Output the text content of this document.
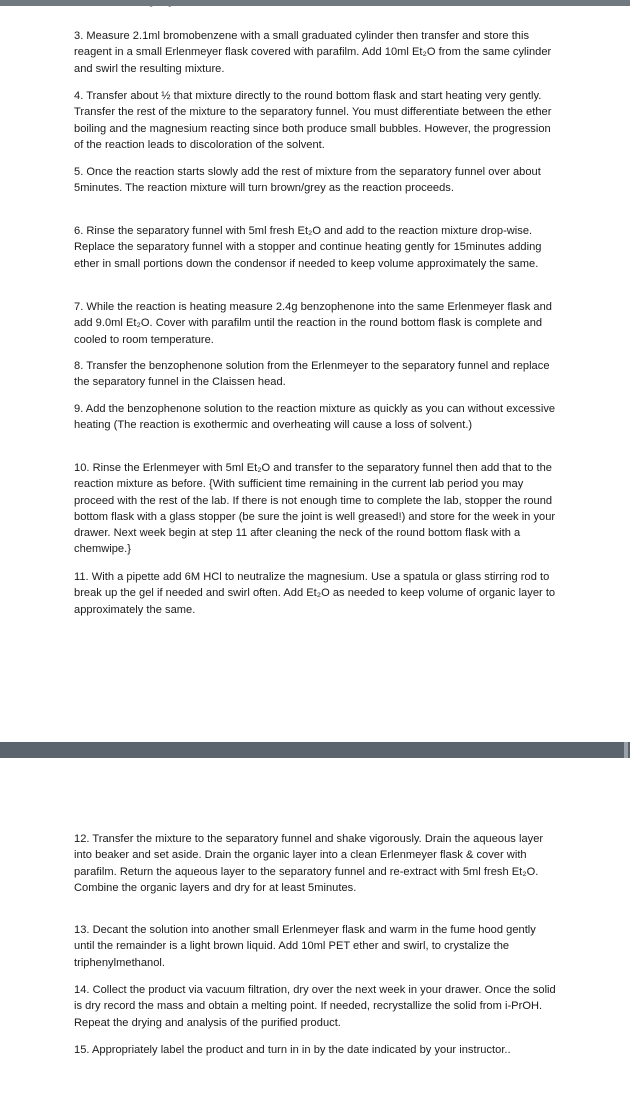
3. Measure 2.1ml bromobenzene with a small graduated cylinder then transfer and store this reagent in a small Erlenmeyer flask covered with parafilm. Add 10ml Et₂O from the same cylinder and swirl the resulting mixture.

4. Transfer about ½ that mixture directly to the round bottom flask and start heating very gently. Transfer the rest of the mixture to the separatory funnel. You must differentiate between the ether boiling and the magnesium reacting since both produce small bubbles. However, the progression of the reaction leads to discoloration of the solvent.

5. Once the reaction starts slowly add the rest of mixture from the separatory funnel over about 5minutes. The reaction mixture will turn brown/grey as the reaction proceeds.

6. Rinse the separatory funnel with 5ml fresh Et₂O and add to the reaction mixture drop-wise. Replace the separatory funnel with a stopper and continue heating gently for 15minutes adding ether in small portions down the condensor if needed to keep volume approximately the same.

7. While the reaction is heating measure 2.4g benzophenone into the same Erlenmeyer flask and add 9.0ml Et₂O. Cover with parafilm until the reaction in the round bottom flask is complete and cooled to room temperature.

8. Transfer the benzophenone solution from the Erlenmeyer to the separatory funnel and replace the separatory funnel in the Claissen head.

9. Add the benzophenone solution to the reaction mixture as quickly as you can without excessive heating (The reaction is exothermic and overheating will cause a loss of solvent.)

10. Rinse the Erlenmeyer with 5ml Et₂O and transfer to the separatory funnel then add that to the reaction mixture as before. {With sufficient time remaining in the current lab period you may proceed with the rest of the lab. If there is not enough time to complete the lab, stopper the round bottom flask with a glass stopper (be sure the joint is well greased!) and store for the week in your drawer. Next week begin at step 11 after cleaning the neck of the round bottom flask with a chemwipe.}

11. With a pipette add 6M HCl to neutralize the magnesium. Use a spatula or glass stirring rod to break up the gel if needed and swirl often. Add Et₂O as needed to keep volume of organic layer to approximately the same.

12. Transfer the mixture to the separatory funnel and shake vigorously. Drain the aqueous layer into beaker and set aside. Drain the organic layer into a clean Erlenmeyer flask & cover with parafilm. Return the aqueous layer to the separatory funnel and re-extract with 5ml fresh Et₂O. Combine the organic layers and dry for at least 5minutes.

13. Decant the solution into another small Erlenmeyer flask and warm in the fume hood gently until the remainder is a light brown liquid. Add 10ml PET ether and swirl, to crystalize the triphenylmethanol.

14. Collect the product via vacuum filtration, dry over the next week in your drawer. Once the solid is dry record the mass and obtain a melting point. If needed, recrystallize the solid from i-PrOH. Repeat the drying and analysis of the purified product.

15. Appropriately label the product and turn in in by the date indicated by your instructor..
